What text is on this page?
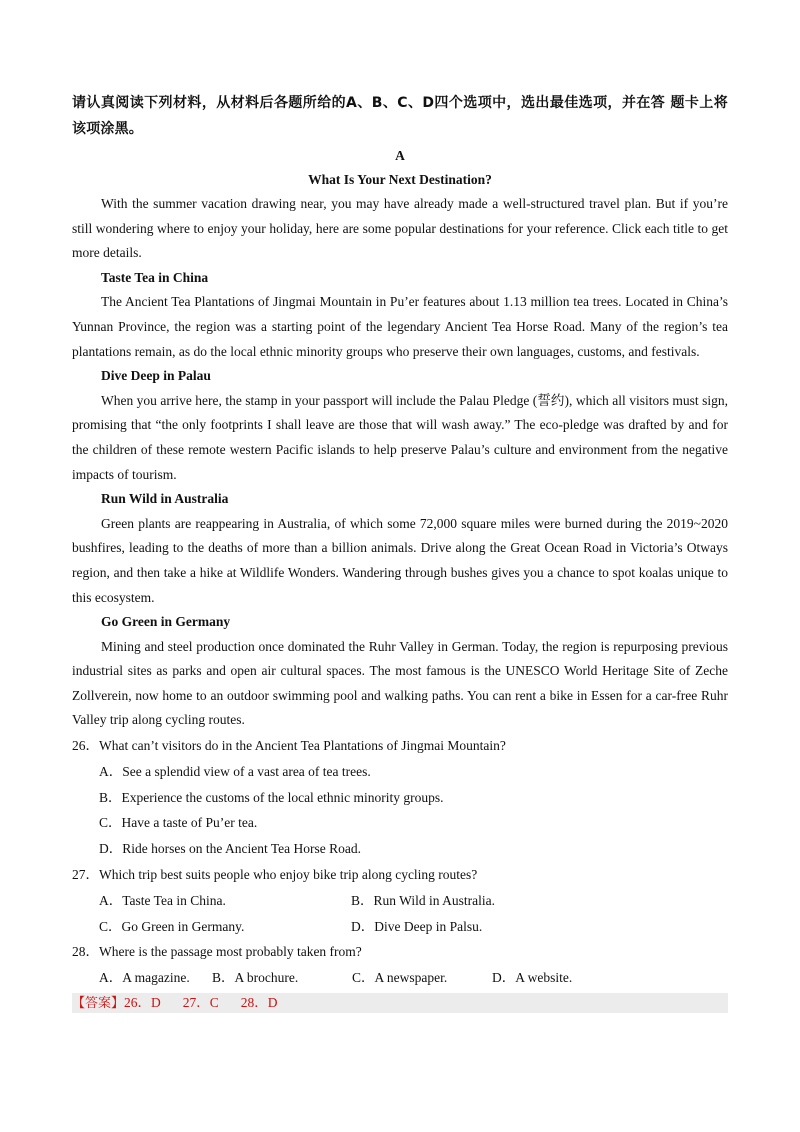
请认真阅读下列材料，从材料后各题所给的A、B、C、D四个选项中，选出最佳选项，并在答 题卡上将该项涂黑。
A
What Is Your Next Destination?

With the summer vacation drawing near, you may have already made a well-structured travel plan. But if you’re still wondering where to enjoy your holiday, here are some popular destinations for your reference. Click each title to get more details.

Taste Tea in China

The Ancient Tea Plantations of Jingmai Mountain in Pu’er features about 1.13 million tea trees. Located in China’s Yunnan Province, the region was a starting point of the legendary Ancient Tea Horse Road. Many of the region’s tea plantations remain, as do the local ethnic minority groups who preserve their own languages, customs, and festivals.

Dive Deep in Palau

When you arrive here, the stamp in your passport will include the Palau Pledge (誓约), which all visitors must sign, promising that “the only footprints I shall leave are those that will wash away.” The eco-pledge was drafted by and for the children of these remote western Pacific islands to help preserve Palau’s culture and environment from the negative impacts of tourism.

Run Wild in Australia

Green plants are reappearing in Australia, of which some 72,000 square miles were burned during the 2019~2020 bushfires, leading to the deaths of more than a billion animals. Drive along the Great Ocean Road in Victoria’s Otways region, and then take a hike at Wildlife Wonders. Wandering through bushes gives you a chance to spot koalas unique to this ecosystem.

Go Green in Germany

Mining and steel production once dominated the Ruhr Valley in German. Today, the region is repurposing previous industrial sites as parks and open air cultural spaces. The most famous is the UNESCO World Heritage Site of Zeche Zollverein, now home to an outdoor swimming pool and walking paths. You can rent a bike in Essen for a car-free Ruhr Valley trip along cycling routes.

26．What can’t visitors do in the Ancient Tea Plantations of Jingmai Mountain?

A．See a splendid view of a vast area of tea trees.

B．Experience the customs of the local ethnic minority groups.

C．Have a taste of Pu’er tea.

D．Ride horses on the Ancient Tea Horse Road.

27．Which trip best suits people who enjoy bike trip along cycling routes?

A．Taste Tea in China.	B．Run Wild in Australia.
C．Go Green in Germany.	D．Dive Deep in Palsu.

28．Where is the passage most probably taken from?

A．A magazine.	B．A brochure.	C．A newspaper.	D．A website.
【答案】26．D 27．C 28．D
